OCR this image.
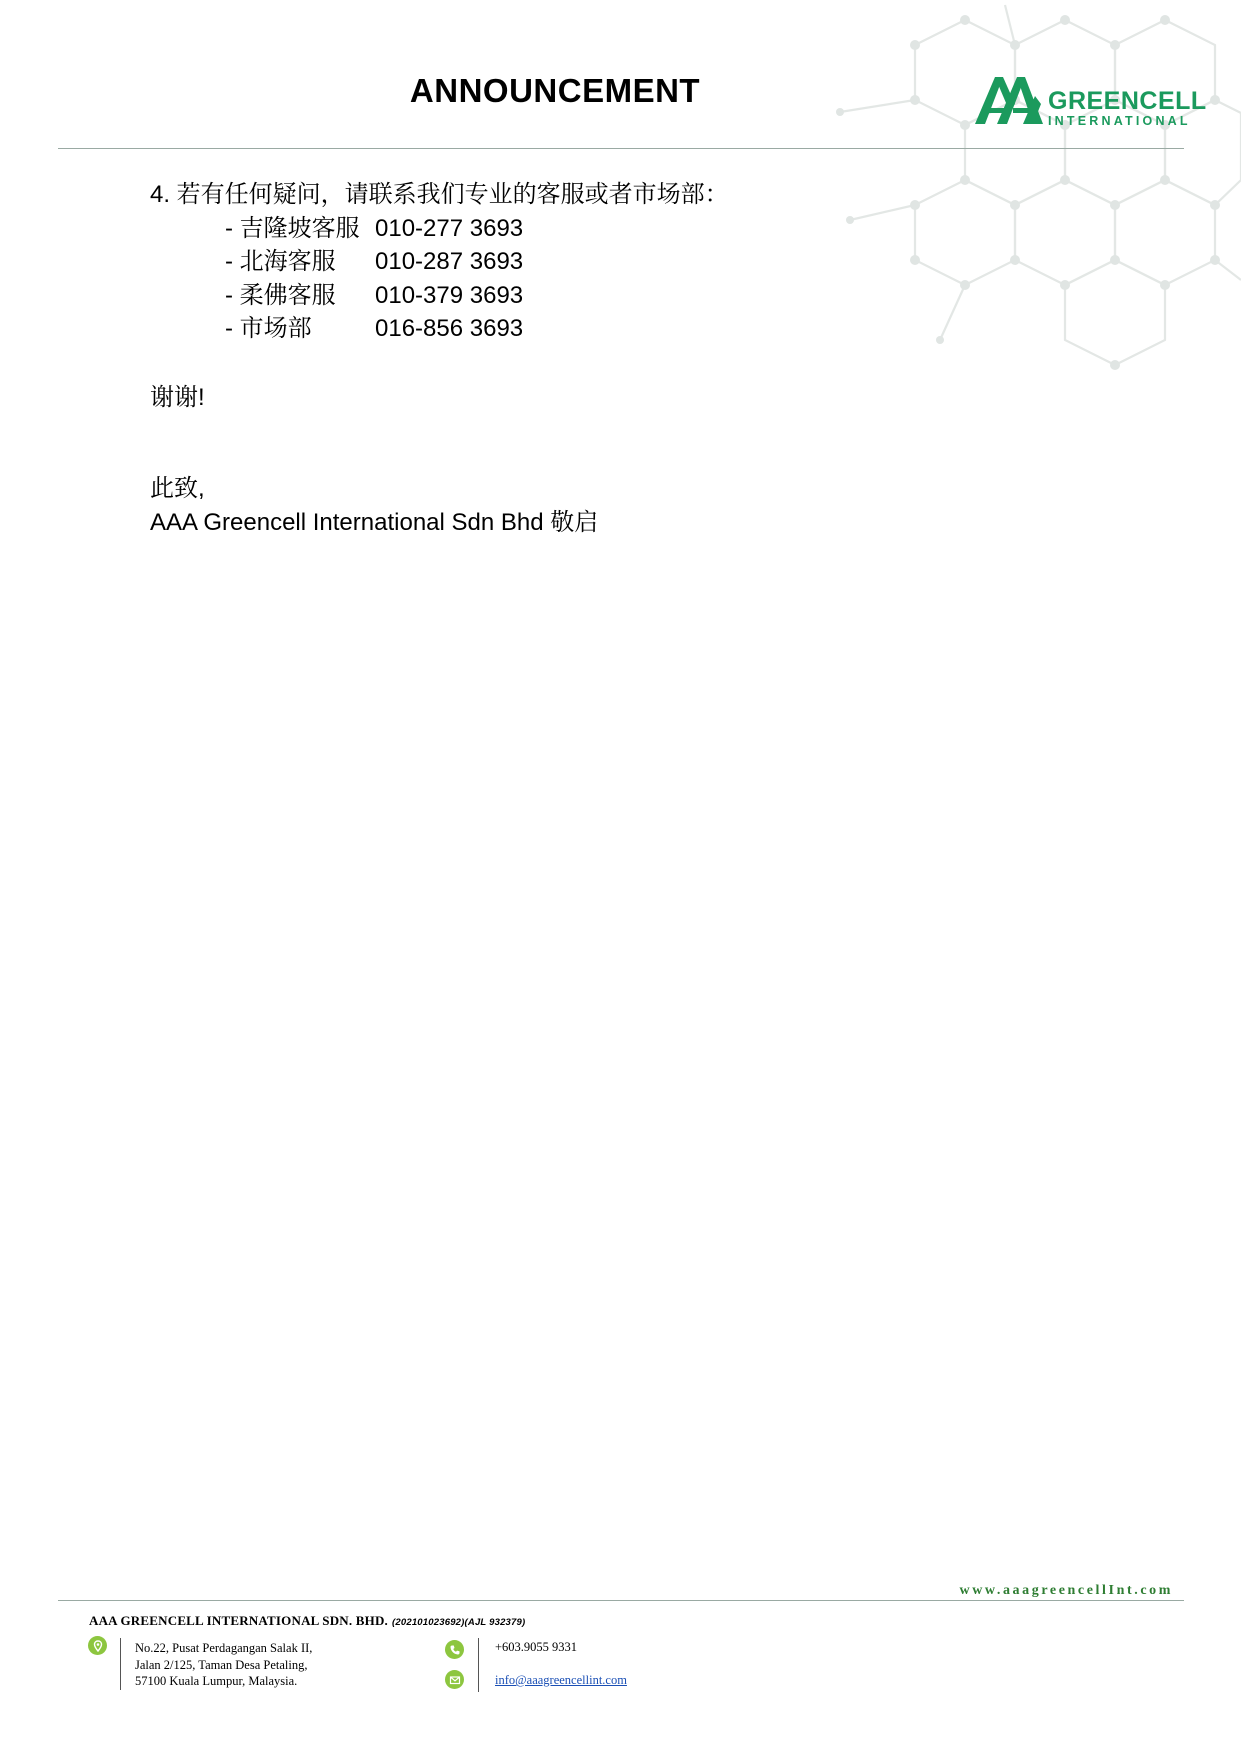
ANNOUNCEMENT	GREENCELL
INTERNATIONAL

4. 若有任何疑问，请联系我们专业的客服或者市场部：

- 吉隆坡客服 010-277 3693
- 北海客服	010-287 3693
- 柔佛客服	010-379 3693
- 市场部	016-856 3693
谢谢!
此致,
AAA Greencell International Sdn Bhd 敬启
www.aaagreencellInt.com
AAA GREENCELL INTERNATIONAL SDN. BHD. (202101023692)(AJL 932379)
No.22, Pusat Perdagangan Salak II,
Jalan 2/125, Taman Desa Petaling,
57100 Kuala Lumpur, Malaysia.
+603.9055 9331
info@aaagreencellint.com
